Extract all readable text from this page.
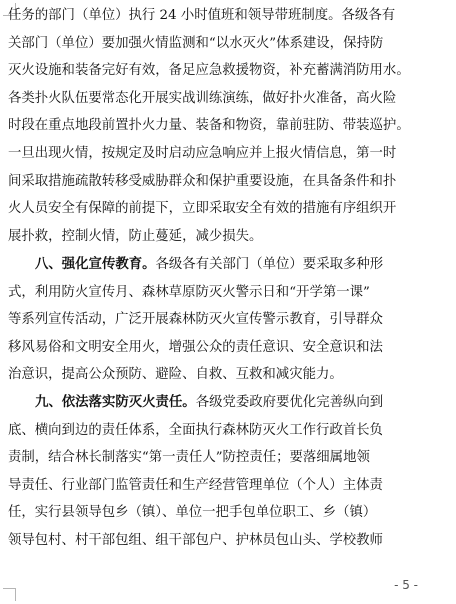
任务的部门（单位）执行 24 小时值班和领导带班制度。各级各有
关部门（单位）要加强火情监测和“以水灭火”体系建设，保持防
灭火设施和装备完好有效，备足应急救援物资，补充蓄满消防用水。
各类扑火队伍要常态化开展实战训练演练，做好扑火准备，高火险
时段在重点地段前置扑火力量、装备和物资，靠前驻防、带装巡护。
一旦出现火情，按规定及时启动应急响应并上报火情信息，第一时
间采取措施疏散转移受威胁群众和保护重要设施，在具备条件和扑
火人员安全有保障的前提下，立即采取安全有效的措施有序组织开
展扑救，控制火情，防止蔓延，减少损失。

八、强化宣传教育。各级各有关部门（单位）要采取多种形
式，利用防火宣传月、森林草原防灭火警示日和“开学第一课”
等系列宣传活动，广泛开展森林防灭火宣传警示教育，引导群众
移风易俗和文明安全用火，增强公众的责任意识、安全意识和法
治意识，提高公众预防、避险、自救、互救和减灾能力。

九、依法落实防灭火责任。各级党委政府要优化完善纵向到
底、横向到边的责任体系，全面执行森林防灭火工作行政首长负
责制，结合林长制落实“第一责任人”防控责任；要落细属地领
导责任、行业部门监管责任和生产经营管理单位（个人）主体责
任，实行县领导包乡（镇）、单位一把手包单位职工、乡（镇）
领导包村、村干部包组、组干部包户、护林员包山头、学校教师

- 5 -
